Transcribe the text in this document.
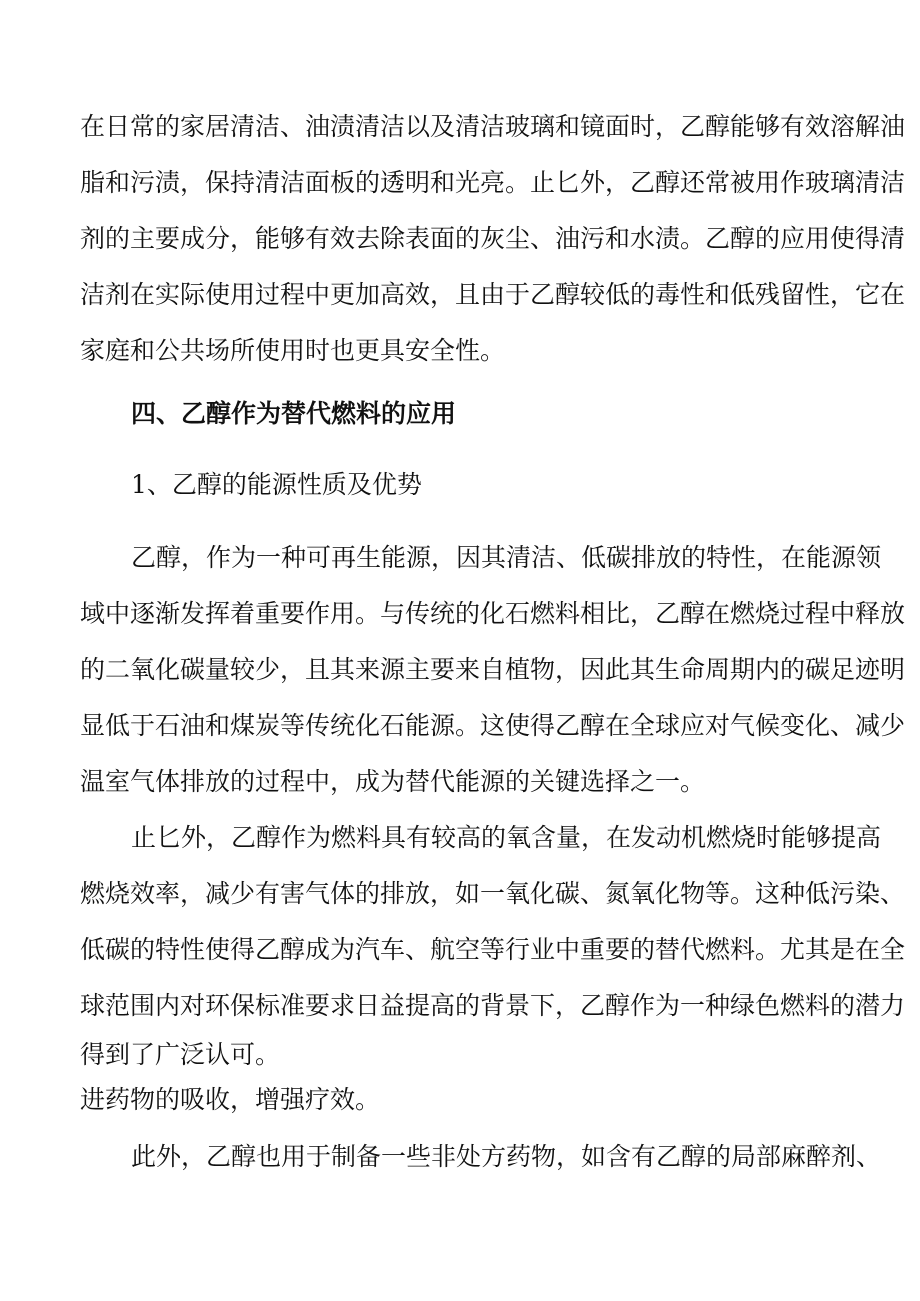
在日常的家居清洁、油渍清洁以及清洁玻璃和镜面时，乙醇能够有效溶解油
脂和污渍，保持清洁面板的透明和光亮。止匕外，乙醇还常被用作玻璃清洁
剂的主要成分，能够有效去除表面的灰尘、油污和水渍。乙醇的应用使得清
洁剂在实际使用过程中更加高效，且由于乙醇较低的毒性和低残留性，它在
家庭和公共场所使用时也更具安全性。
四、乙醇作为替代燃料的应用
1、乙醇的能源性质及优势
乙醇，作为一种可再生能源，因其清洁、低碳排放的特性，在能源领
域中逐渐发挥着重要作用。与传统的化石燃料相比，乙醇在燃烧过程中释放
的二氧化碳量较少，且其来源主要来自植物，因此其生命周期内的碳足迹明
显低于石油和煤炭等传统化石能源。这使得乙醇在全球应对气候变化、减少
温室气体排放的过程中，成为替代能源的关键选择之一。
止匕外，乙醇作为燃料具有较高的氧含量，在发动机燃烧时能够提高
燃烧效率，减少有害气体的排放，如一氧化碳、氮氧化物等。这种低污染、
低碳的特性使得乙醇成为汽车、航空等行业中重要的替代燃料。尤其是在全
球范围内对环保标准要求日益提高的背景下，乙醇作为一种绿色燃料的潜力
得到了广泛认可。
进药物的吸收，增强疗效。
此外，乙醇也用于制备一些非处方药物，如含有乙醇的局部麻醉剂、
